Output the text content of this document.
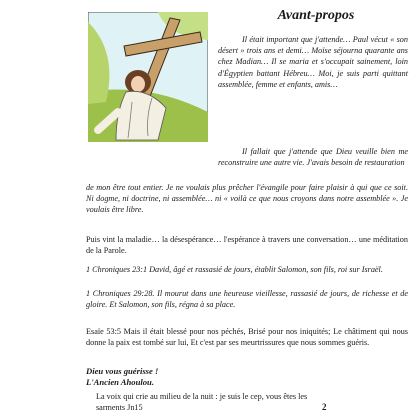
Avant-propos

Il était important que j'attende… Paul vécut « son désert » trois ans et demi… Moïse séjourna quarante ans chez Madian… Il se maria et s'occupait sainement, loin d'Égyptien battant Hébreu… Moi, je suis parti quittant assemblée, femme et enfants, amis…

Il fallait que j'attende que Dieu veuille bien me reconstruire une autre vie. J'avais besoin de restauration

de mon être tout entier. Je ne voulais plus prêcher l'évangile pour faire plaisir à qui que ce soit. Ni dogme, ni doctrine, ni assemblée… ni « voilà ce que nous croyons dans notre assemblée ». Je voulais être libre.

Puis vint la maladie… la désespérance… l'espérance à travers une conversation… une méditation de la Parole.

1 Chroniques 23:1 David, âgé et rassasié de jours, établit Salomon, son fils, roi sur Israël.

1 Chroniques 29:28. Il mourut dans une heureuse vieillesse, rassasié de jours, de richesse et de gloire. Et Salomon, son fils, régna à sa place.

Esaïe 53:5 Mais il était blessé pour nos péchés, Brisé pour nos iniquités; Le châtiment qui nous donne la paix est tombé sur lui, Et c'est par ses meurtrissures que nous sommes guéris.

Dieu vous guérisse !
L'Ancien Ahoulou.
La voix qui crie au milieu de la nuit : je suis le cep, vous êtes les sarments Jn15	2
